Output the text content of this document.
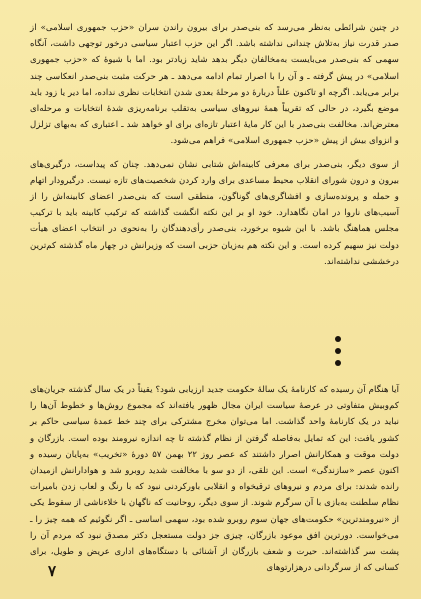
در چنین شرائطی به‌نظر می‌رسد که بنی‌صدر برای بیرون راندن سران «حزب جمهوری اسلامی» از صدر قدرت نیاز به‌تلاش چندانی نداشته باشد. اگر این حزب اعتبار سیاسی درخور توجهی داشت، آنگاه سهمی که بنی‌صدر می‌بایست به‌مخالفان دیگر بدهد شاید زیادتر بود. اما با شیوهٔ که «حزب جمهوری اسلامی» در پیش گرفته ـ و آن را با اصرار تمام ادامه می‌دهد ـ هر حرکت مثبت بنی‌صدر انعکاسی چند برابر می‌یابد. اگرچه او تاکنون علناً دربارهٔ دو مرحلهٔ بعدی شدن انتخابات نظری نداده، اما دیر یا زود باید موضع بگیرد، در حالی که تقریباً همهٔ نیروهای سیاسی به‌تقلب برنامه‌ریزی شدهٔ انتخابات و مرحله‌ای معترض‌اند. مخالفت بنی‌صدر با این کار مایهٔ اعتبار تازه‌ای برای او خواهد شد ـ اعتباری که به‌بهای تزلزل و انزوای بیش از پیش «حزب جمهوری اسلامی» فراهم می‌شود.

از سوی دیگر، بنی‌صدر برای معرفی کابینه‌اش شتابی نشان نمی‌دهد. چنان که پیداست، درگیری‌های بیرون و درون شورای انقلاب محیط مساعدی برای وارد کردن شخصیت‌های تازه نیست. درگیرودار اتهام و حمله و پرونده‌سازی و افشاگری‌های گوناگون، منطقی است که بنی‌صدر اعضای کابینه‌اش را از آسیب‌های ناروا در امان نگاهدارد. خود او بر این نکته انگشت گذاشته که ترکیب کابینه باید با ترکیب مجلس هماهنگ باشد. با این شیوه برخورد، بنی‌صدر رأی‌دهندگان را به‌نحوی در انتخاب اعضای هیأت دولت نیز سهیم کرده است. و این نکته هم به‌زیان حزبی است که وزیرانش در چهار ماه گذشته کم‌ترین درخششی نداشته‌اند.

آیا هنگام آن رسیده که کارنامهٔ یک سالهٔ حکومت جدید ارزیابی شود؟ یقیناً در یک سال گذشته جریان‌های کم‌وبیش متفاوتی در عرصهٔ سیاست ایران مجال ظهور یافته‌اند که مجموع روش‌ها و خطوط آن‌ها را نباید در یک کارنامهٔ واحد گذاشت. اما می‌توان مخرج مشترکی برای چند خط عمدهٔ سیاسی حاکم بر کشور یافت: این که تمایل به‌فاصله گرفتن از نظام گذشته تا چه اندازه نیرومند بوده است. بازرگان و دولت موقت و همکارانش اصرار داشتند که عصر روز ۲۲ بهمن ۵۷ دورهٔ «تخریب» به‌پایان رسیده و اکنون عصر «سازندگی» است. این تلقی، از دو سو با مخالفت شدید روبرو شد و هوادارانش ازمیدان رانده شدند: برای مردم و نیروهای ترقیخواه و انقلابی باورکردنی نبود که با رنگ و لعاب زدن بامیرات نظام سلطنت به‌بازی با آن سرگرم شوند. از سوی دیگر، روحانیت که ناگهان با خلاءناشی از سقوط یکی از «نیرومندترین» حکومت‌های جهان سوم روبرو شده بود، سهمی اساسی ـ اگر نگوئیم که همه چیز را ـ می‌خواست. دورترین افق موعود بازرگان، چیزی جز دولت مستعجل دکتر مصدق نبود که مردم آن را پشت سر گذاشته‌اند. حیرت و شعف بازرگان از آشنائی با دستگاه‌های اداری عریض و طویل، برای کسانی که از سرگردانی درهزارتوهای

۷
